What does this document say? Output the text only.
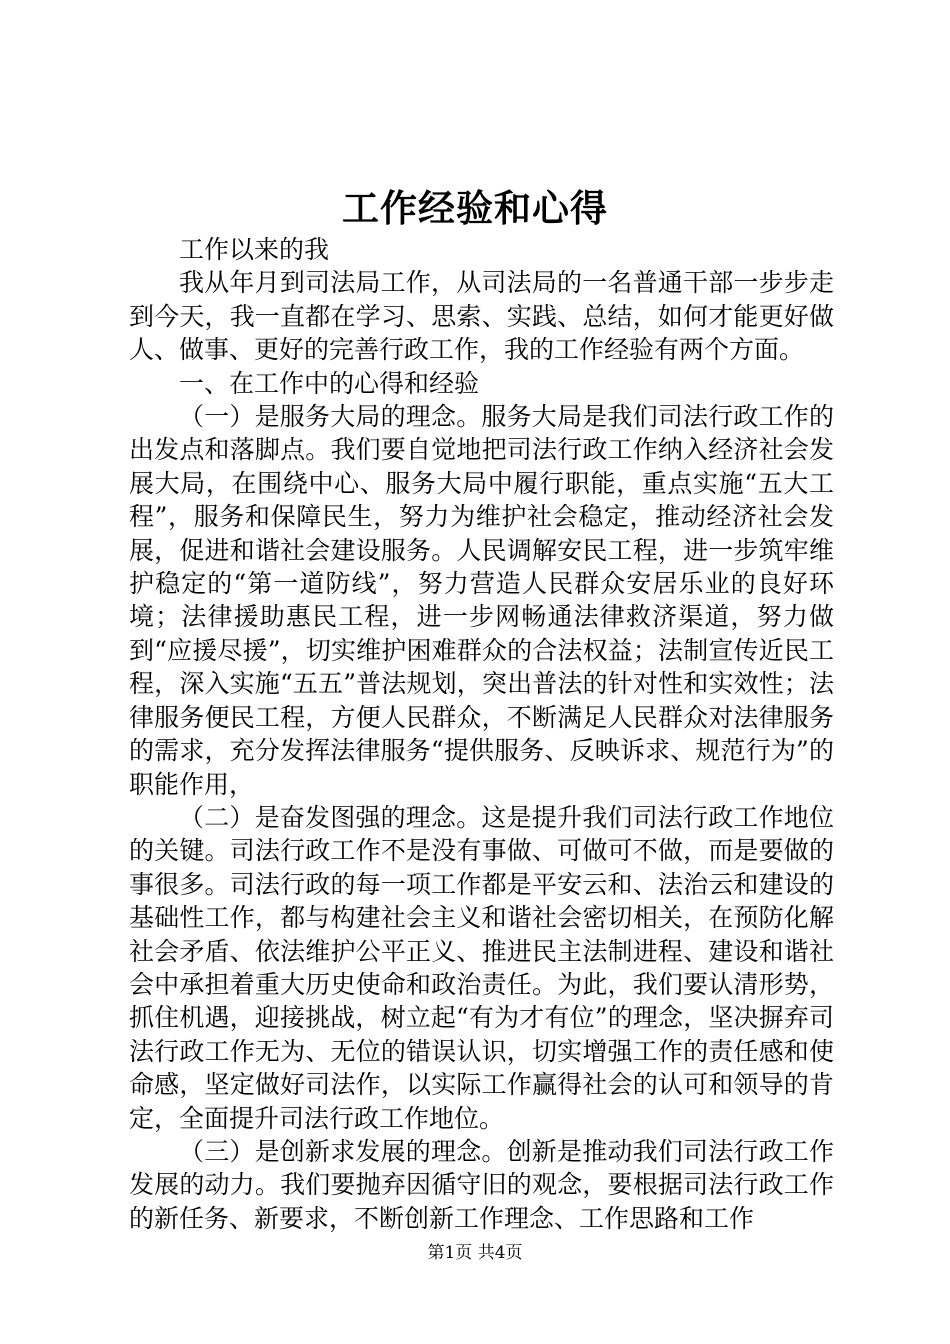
工作经验和心得

工作以来的我

我从年月到司法局工作，从司法局的一名普通干部一步步走到今天，我一直都在学习、思索、实践、总结，如何才能更好做人、做事、更好的完善行政工作，我的工作经验有两个方面。

一、在工作中的心得和经验

（一）是服务大局的理念。服务大局是我们司法行政工作的出发点和落脚点。我们要自觉地把司法行政工作纳入经济社会发展大局，在围绕中心、服务大局中履行职能，重点实施“五大工程”，服务和保障民生，努力为维护社会稳定，推动经济社会发展，促进和谐社会建设服务。人民调解安民工程，进一步筑牢维护稳定的“第一道防线”，努力营造人民群众安居乐业的良好环境；法律援助惠民工程，进一步网畅通法律救济渠道，努力做到“应援尽援”，切实维护困难群众的合法权益；法制宣传近民工程，深入实施“五五”普法规划，突出普法的针对性和实效性；法律服务便民工程，方便人民群众，不断满足人民群众对法律服务的需求，充分发挥法律服务“提供服务、反映诉求、规范行为”的职能作用，

（二）是奋发图强的理念。这是提升我们司法行政工作地位的关键。司法行政工作不是没有事做、可做可不做，而是要做的事很多。司法行政的每一项工作都是平安云和、法治云和建设的基础性工作，都与构建社会主义和谐社会密切相关，在预防化解社会矛盾、依法维护公平正义、推进民主法制进程、建设和谐社会中承担着重大历史使命和政治责任。为此，我们要认清形势，抓住机遇，迎接挑战，树立起“有为才有位”的理念，坚决摒弃司法行政工作无为、无位的错误认识，切实增强工作的责任感和使命感，坚定做好司法作，以实际工作赢得社会的认可和领导的肯定，全面提升司法行政工作地位。

（三）是创新求发展的理念。创新是推动我们司法行政工作发展的动力。我们要抛弃因循守旧的观念，要根据司法行政工作的新任务、新要求，不断创新工作理念、工作思路和工作

第1页 共4页
